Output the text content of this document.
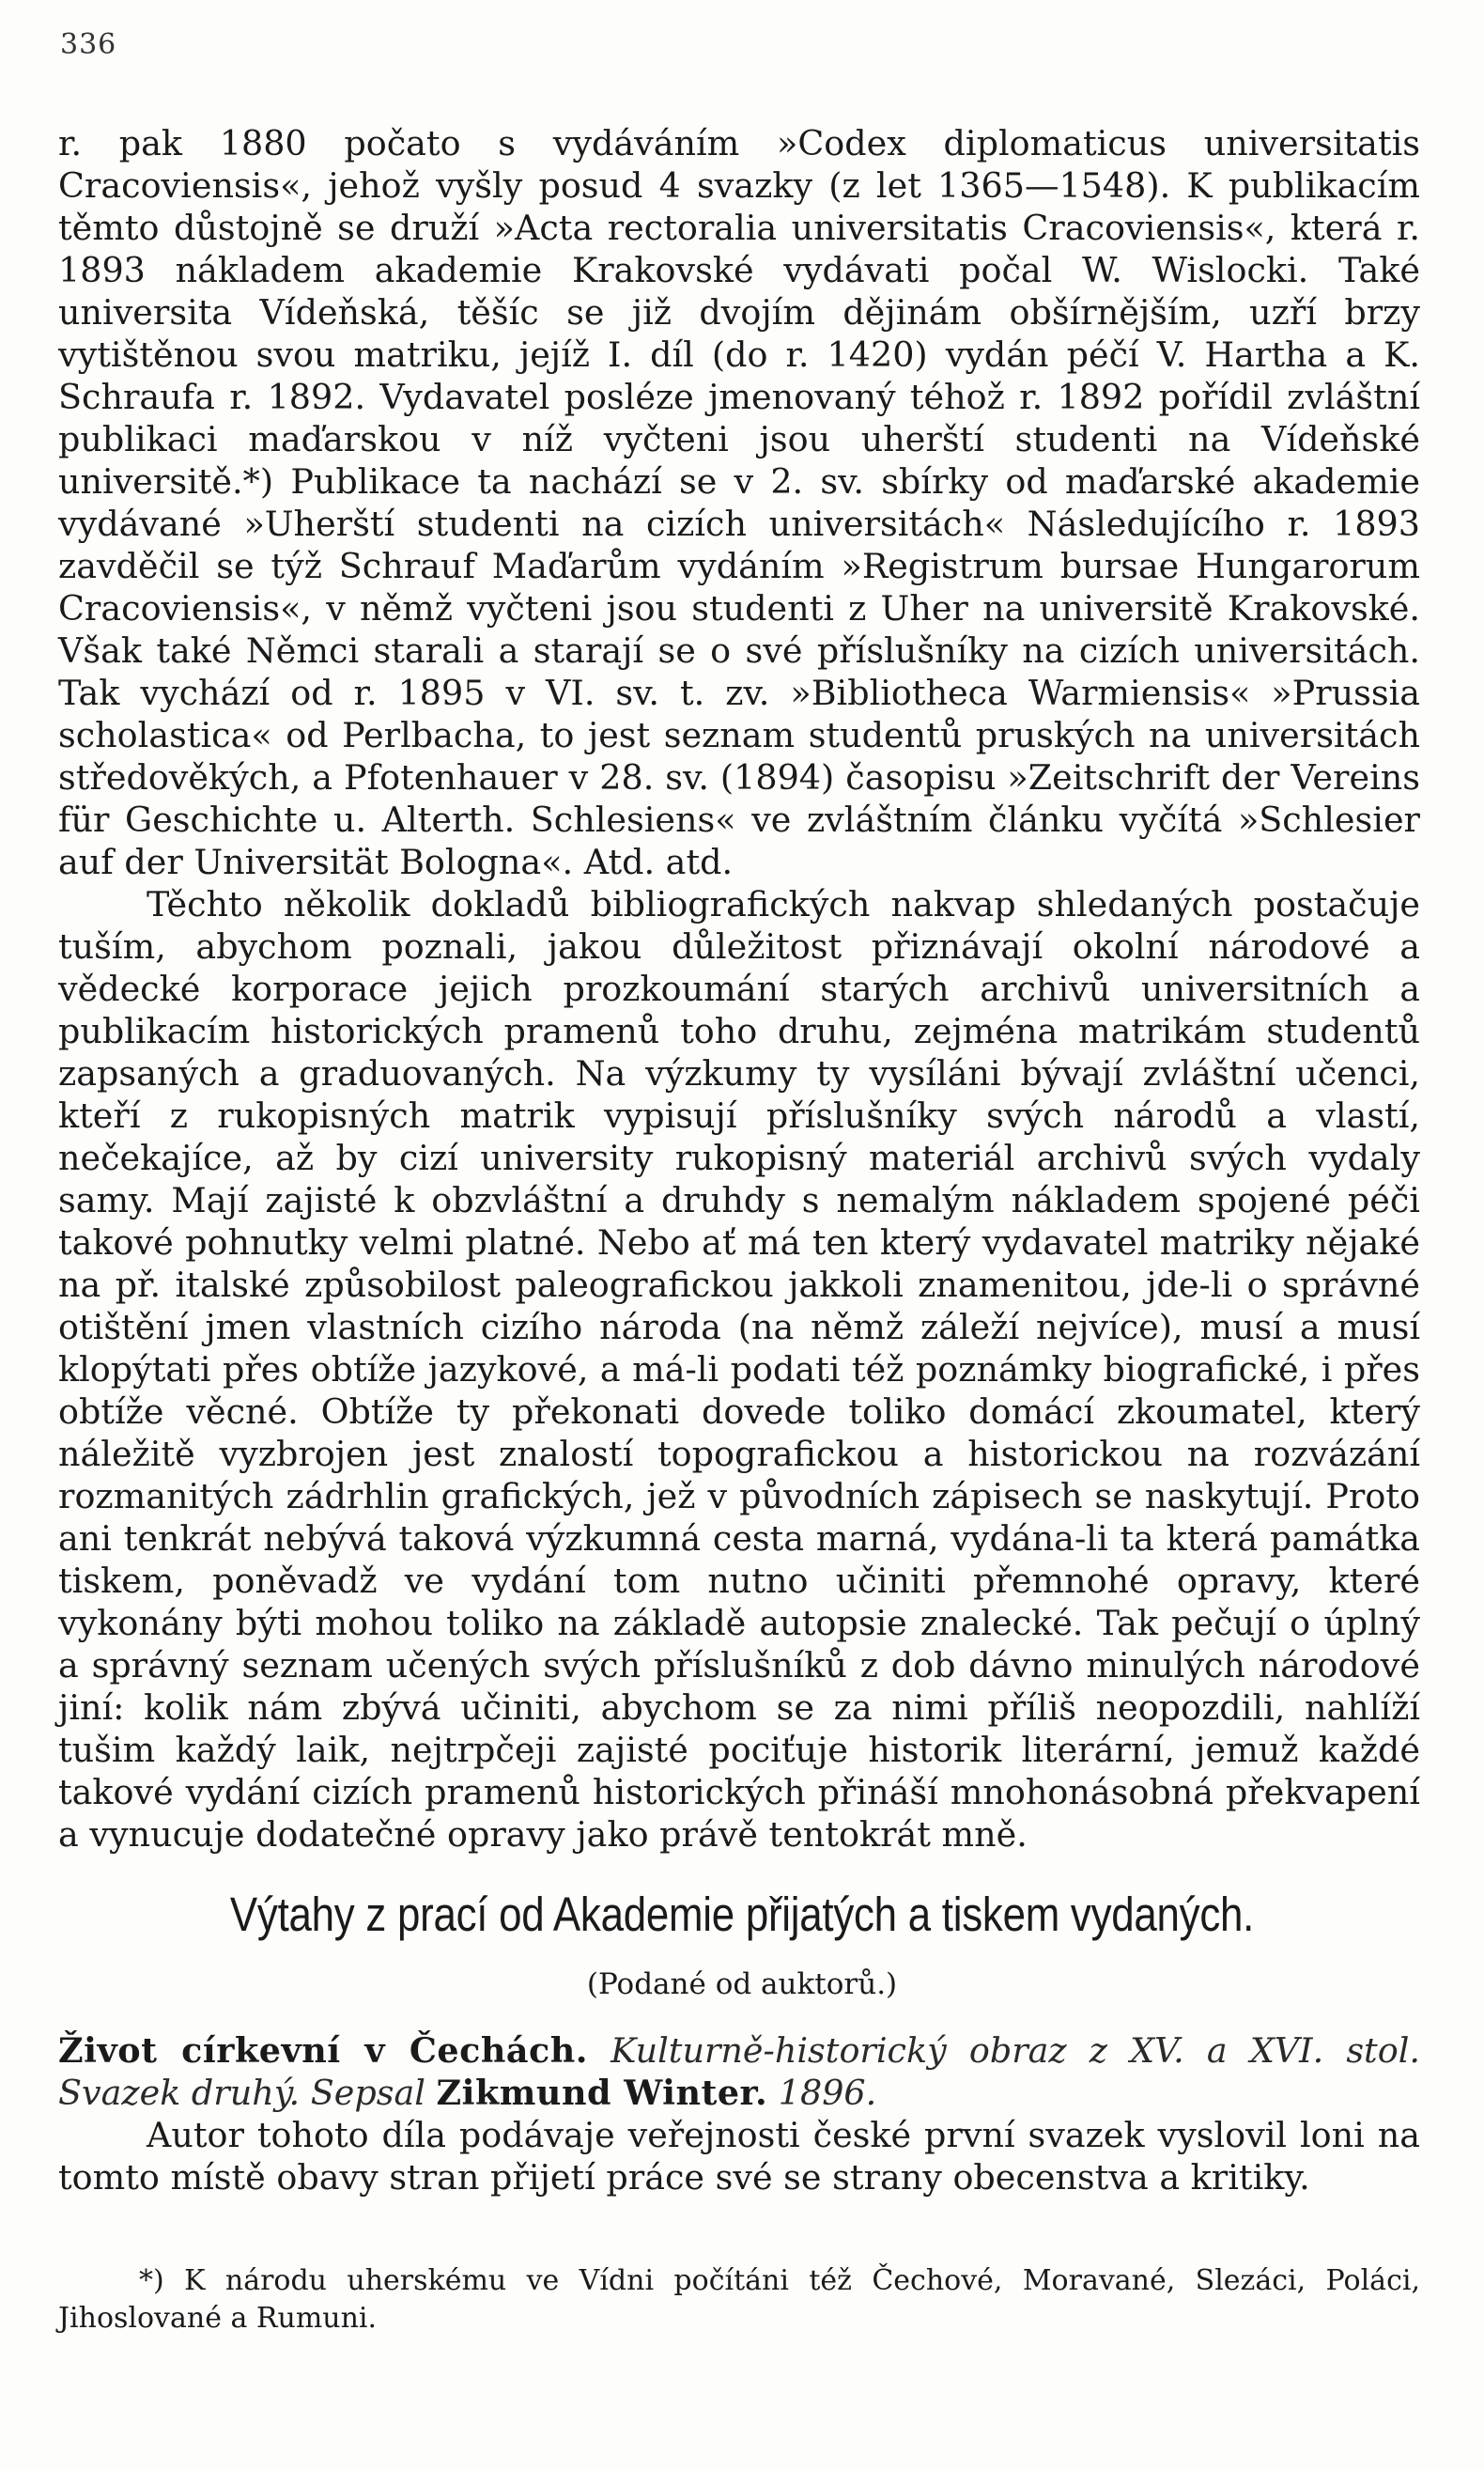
336

r. pak 1880 počato s vydáváním »Codex diplomaticus universitatis Cracoviensis«, jehož vyšly posud 4 svazky (z let 1365—1548). K publikacím těmto důstojně se druží »Acta rectoralia universitatis Cracoviensis«, která r. 1893 nákladem akademie Krakovské vydávati počal W. Wislocki. Také universita Vídeňská, těšíc se již dvojím dějinám obšírnějším, uzří brzy vytištěnou svou matriku, jejíž I. díl (do r. 1420) vydán péčí V. Hartha a K. Schraufa r. 1892. Vydavatel posléze jmenovaný téhož r. 1892 pořídil zvláštní publikaci maďarskou v níž vyčteni jsou uherští studenti na Vídeňské universitě.*) Publikace ta nachází se v 2. sv. sbírky od maďarské akademie vydávané »Uherští studenti na cizích universitách« Následujícího r. 1893 zavděčil se týž Schrauf Maďarům vydáním »Registrum bursae Hungarorum Cracoviensis«, v němž vyčteni jsou studenti z Uher na universitě Krakovské. Však také Němci starali a starají se o své příslušníky na cizích universitách. Tak vychází od r. 1895 v VI. sv. t. zv. »Bibliotheca Warmiensis« »Prussia scholastica« od Perlbacha, to jest seznam studentů pruských na universitách středověkých, a Pfotenhauer v 28. sv. (1894) časopisu »Zeitschrift der Vereins für Geschichte u. Alterth. Schlesiens« ve zvláštním článku vyčítá »Schlesier auf der Universität Bologna«. Atd. atd.

Těchto několik dokladů bibliografických nakvap shledaných postačuje tuším, abychom poznali, jakou důležitost přiznávají okolní národové a vědecké korporace jejich prozkoumání starých archivů universitních a publikacím historických pramenů toho druhu, zejména matrikám studentů zapsaných a graduovaných. Na výzkumy ty vysíláni bývají zvláštní učenci, kteří z rukopisných matrik vypisují příslušníky svých národů a vlastí, nečekajíce, až by cizí university rukopisný materiál archivů svých vydaly samy. Mají zajisté k obzvláštní a druhdy s nemalým nákladem spojené péči takové pohnutky velmi platné. Nebo ať má ten který vydavatel matriky nějaké na př. italské způsobilost paleografickou jakkoli znamenitou, jde-li o správné otištění jmen vlastních cizího národa (na němž záleží nejvíce), musí a musí klopýtati přes obtíže jazykové, a má-li podati též poznámky biografické, i přes obtíže věcné. Obtíže ty překonati dovede toliko domácí zkoumatel, který náležitě vyzbrojen jest znalostí topografickou a historickou na rozvázání rozmanitých zádrhlin grafických, jež v původních zápisech se naskytují. Proto ani tenkrát nebývá taková výzkumná cesta marná, vydána-li ta která památka tiskem, poněvadž ve vydání tom nutno učiniti přemnohé opravy, které vykonány býti mohou toliko na základě autopsie znalecké. Tak pečují o úplný a správný seznam učených svých příslušníků z dob dávno minulých národové jiní: kolik nám zbývá učiniti, abychom se za nimi příliš neopozdili, nahlíží tušim každý laik, nejtrpčeji zajisté pociťuje historik literární, jemuž každé takové vydání cizích pramenů historických přináší mnohonásobná překvapení a vynucuje dodatečné opravy jako právě tentokrát mně.

Výtahy z prací od Akademie přijatých a tiskem vydaných.
(Podané od auktorů.)

Život církevní v Čechách. Kulturně-historický obraz z XV. a XVI. stol. Svazek druhý. Sepsal Zikmund Winter. 1896.

Autor tohoto díla podávaje veřejnosti české první svazek vyslovil loni na tomto místě obavy stran přijetí práce své se strany obecenstva a kritiky.

*) K národu uherskému ve Vídni počítáni též Čechové, Moravané, Slezáci, Poláci, Jihoslované a Rumuni.
